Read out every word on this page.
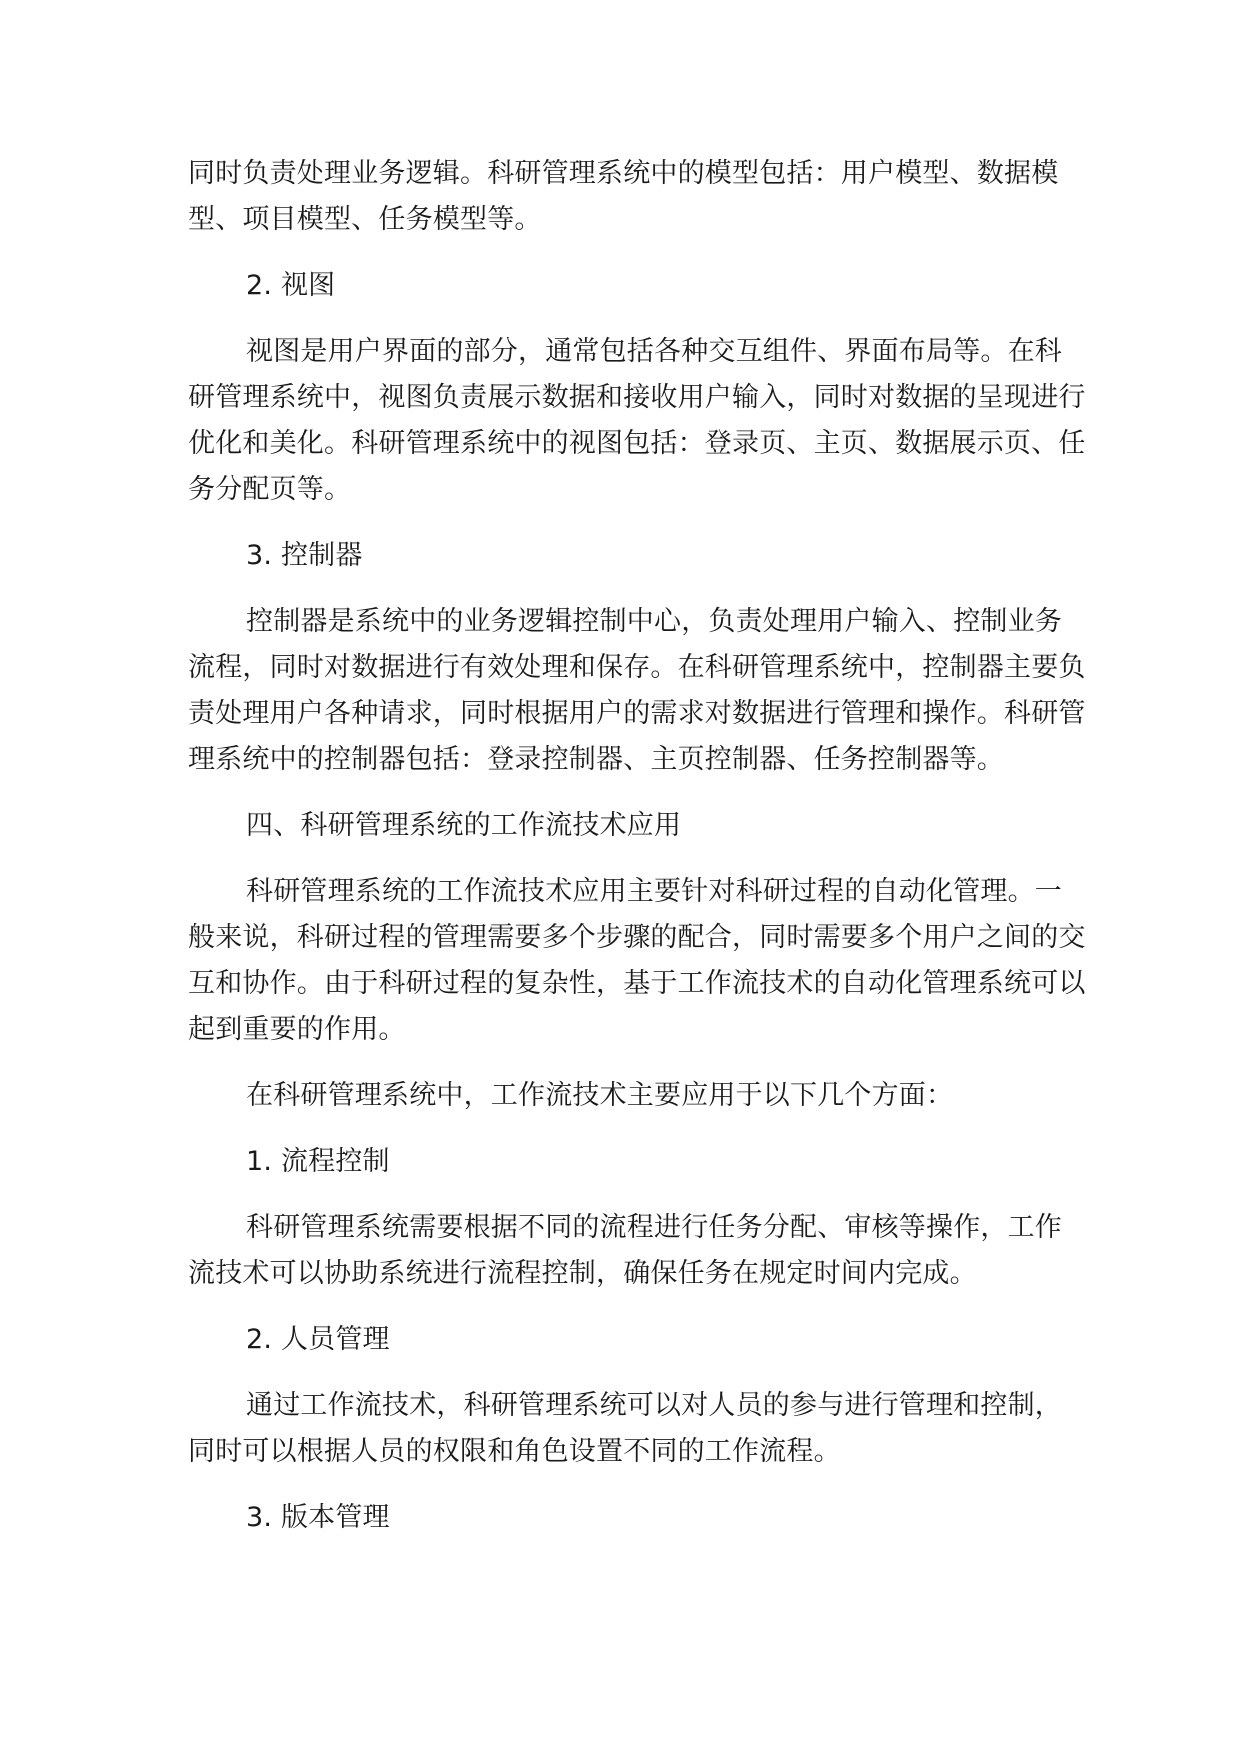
同时负责处理业务逻辑。科研管理系统中的模型包括：用户模型、数据模型、项目模型、任务模型等。

2. 视图

视图是用户界面的部分，通常包括各种交互组件、界面布局等。在科研管理系统中，视图负责展示数据和接收用户输入，同时对数据的呈现进行优化和美化。科研管理系统中的视图包括：登录页、主页、数据展示页、任务分配页等。

3. 控制器

控制器是系统中的业务逻辑控制中心，负责处理用户输入、控制业务流程，同时对数据进行有效处理和保存。在科研管理系统中，控制器主要负责处理用户各种请求，同时根据用户的需求对数据进行管理和操作。科研管理系统中的控制器包括：登录控制器、主页控制器、任务控制器等。

四、科研管理系统的工作流技术应用

科研管理系统的工作流技术应用主要针对科研过程的自动化管理。一般来说，科研过程的管理需要多个步骤的配合，同时需要多个用户之间的交互和协作。由于科研过程的复杂性，基于工作流技术的自动化管理系统可以起到重要的作用。

在科研管理系统中，工作流技术主要应用于以下几个方面：

1. 流程控制

科研管理系统需要根据不同的流程进行任务分配、审核等操作，工作流技术可以协助系统进行流程控制，确保任务在规定时间内完成。

2. 人员管理

通过工作流技术，科研管理系统可以对人员的参与进行管理和控制，同时可以根据人员的权限和角色设置不同的工作流程。

3. 版本管理
